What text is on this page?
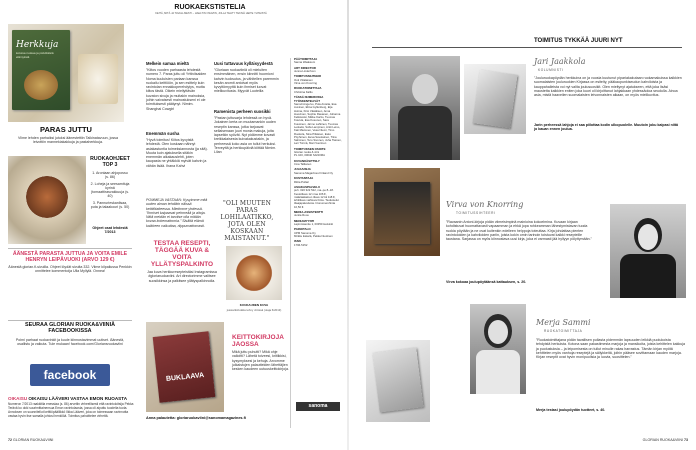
RUOKAEKSTISTELIA
KEITÄ, MITÄ JA TAVALLISESTI – HAHLTIN OSAVIIN, JOLLA TEHTY TEKSIÄ HEITE YHTEISTÄ
Herkkuja
kotoisa ruokaa ja päivittäisiä elämyksiä
PARAS JUTTU
Viime lehden parhaiksi jutuksi äänestettiin Taikinatavuun, jossa leivottiin mannekiakakkuja ja pastaherkkuja.
RUOKAOHJEET TOP 3
1. Aroniaan ahjopossu (s. 86)
2. Loheja ja seesamituja kyrinä (tomaattirasvakkuuja (s. 40)
3. Pannurieskanlisaa, puta ja talaakouri (s. 50)
Ohjeet osat lehdestä 7/2013
ÄÄNESTÄ PARASTA JUTTUA JA VOITA EMILE HENRYN LEIPÄVUOKI (ARVO 129 €)
Äänestä glorian.fi-sivuilla. Ohjeet löydät sivulta 332. Viime kilpailussa Penkkin onnittelee kommentoija Ulla Myllylä. Onnea!
SEURAA GLORIAN RUOKA&VIINIÄ FACEBOOKISSA
Poimi parhaat ruokavinkit ja kuule kiinnostavimmat uutiset. Äänestä, osallistu ja vaikuta. Tule mukaan! facebook.com/Gloriansruokaviini
facebook
OIKAISU OIKAISU LÄÄVERI VASTAA EMON RUOASTA
Numeron 7/2013 raakkitila enessiaa (s. 86) arvetiin virheellisesti että ravintoloitsija Pekka Terävä ko okki suurimittainensua Emon ravintolaosta, jossa oli aiputtu tuodelta tuota. Annoksen on suunnitellut keittiöpäällikkö Ilkka Lääveri, joka on toimessaan ravinnotta vastaa hyvin itse samalla johtosi henkilöä. Toimitus pahoittelee virhettä.
Melkein samaa mieltä
"Kiitos vuoden parhaasta lehdestä numero 7. Paras juttu oli Yrttiviisaiden Noma kuuluisien pariaan kanssa ruokailu keittiöön, ja sen esittely kuin ravintolan ennakkoperehdytys, mutta kiitos tästä. Oikein miellyttävän kuvaton sivuja ja muitakin mainoksia, joihin vaivaisesti mainostukseni ei ole toimituksesti päätynyt. Nimim. Shanghai Cowgirl
Enemmän susha
"Hyvä toimitus! Kiitos kyvyistä lehdestä. Olen koskaan nähnyt asiakastuntia toimeksiannosta (ja sitä). Muuta kuin ajatuksella sitäkin enemmän aikakauslehti, joten kaupasta ne yhtäkkiä myivät kahvin ja vähän lisää. Ihana Kahvi
POMMEJA VASTAAN: Kysyimme mitä uuden alman tehdikin näissä keittiötaiteessa. Mietimme yhdessä. "Ihmiset kaipaavat pehmeää ja aitoja. Niitä meidän ei tarvitse olla mitään kovaa kokemattomia." Sisältä elämä kaikkeen vaikuttaa, riippumattomasti.
Uusi tuttavuus kylläisyydestä
"Gloriaan ruokaviiniä oli mieluiten ensimmäinen, ensin kiinnitti huomioni kahvin tuoksutus, ja vähitellen paremmin kesän aromit antoivat myös kyvyttömyyttä kuin ihmiset luovat mielikuvitusta. Myyvät Luoteilla
Ramenista perheen suosikki
"Pastan juttusarja lehdessä on hyvä. Jokainen kerta on muutamankin uuden reseptin kanssa, jotka tarjoavat sellaisenaan juuri monia makuja, joita lapsetkin syövät. Nyt pidämme kovasti kreikkalaisesta kuivakakustakin, ja perheessä koko asia on tullut herkuksi. Terveyttä ja herkkupäiviä kiittää Nimim. Lilan
"OLI MUUTEN PARAS LOHILAATIKKO, JOTA OLEN KOSKAAN MAISTANUT."
TESTAA RESEPTI, TÄGGÄÄ KUVA & VOITA YLLÄTYSPALKINTO
Jaa kuva herkkuresepteistäsi Instagramissa #gloriaruokaviini. Art directorimme valitsee suosikkinsa ja palkitsee yllätyspalkinnolla.
KUUKAUDEN KUVA
jussiartishokkia tehny viinissä (otaja 6/2013)
BUKLAAVA
KEITTOKIRJOJA JAOSSA
Mikä juttu puhutti? Mikä ohje valloitti? Lähetä toiveesi, kritiikkisi, kysymyksesi ja kehuja. Arvomme julkaistujen palautteiden lähettäjien kesken kaudeen uutuuskeittokirjoja.
Anna palautetta: gloriaruokaviini@sanomamagazines.fi
PÄÄTOIMITTAJA
Sanna Waaksum
ART DIRECTOR
Jenna Linderhom
TOIMITUSSIHTEERI
Outi Viitalainen
Virva von Knorring
RUOKATOIMITTAJA
Christina Kallio
TÄSSÄ NUMEROSSA TYÖSKENTELIVÄT
Samuli Angervo, Pola Arvaita, Esa Auvinen, Elina Gyllenberg, Eija Holma, Kirsi Väätäisen, Anna Huovinen, Sophie Rasanen, Johanna Kellokoski, Mikke Kartio, Tuomas Koivula, Esa Kosonen, Sara Kuusinen, Jarmo Lahtinen, Tuomas Leskelä, Sofia Lampinen, Antti Leino, Kati Mielonen, Vesa Niemi, Timo Ruokola, Nina Pitkänen, Esko Pöyhönen, Eeva Savolainen, Tiina Salminen, Tero Sivonen, Juha Tiainen, Lari Törmä, Mari Vuorinen
TOIMITUKSEN OSOITE
Glorian ruoka & viini
PL 100, 00040 SANOMA
KUVANKÄSITTELY
Irma Tallianen
JULKAISIJA
Sanoma Magazines Finland Oy
KUSTANTAJA
Riitta Pollari
ASIAKASPALVELU
puh. 020 322 522, ma–pe 8–18. Kestotilaus 12 nroa 106 €, määräaikainen tilaus 12 kk 118 €, lehtitilaus vaihtuva hinta. Tiedustelut tilaajapalvelusta. Irtonumerohinta 10,50 €.
MEDIA-ASSISTENTTI
Jenita Roos
MEDIAMYYNTI
Lapinmäentie 1, 00350 Helsinki
PAINOTALO
UPM Sanoma Oy
Mirkku Eskelä, Pekka Nuutinen
ISSN
1796-5152
sanoma
72 GLORIAN RUOKA&VIINI
TOIMITUS TYKKÄÄ JUURI NYT
Jari Jaakkola
KOLUMNISTI
"Jouluruokapöydän herkkuina on ja vuosia kuutunut pipariakakutaan ruokamakuissa kaikkien suomalaisten jouluruokien Kirjassa on esitelty, pääkaupunkiseudun kahviloista ja kauppahalleista voi nyt valita joulusuosikit. Olen mieltynyt ajatukseen, että joka lisäsi maustetta kaikkien eniten joka kuori oli kirjoittanut lahjakkaan yhdessäoloa seudulla. Ainoa asia, mistä haaveilen suomalaisten leivonnaisten aikaan, on myös mielikuvitus.
Jarin perheessä lahjoja ei saa piilottaa kodin ulkopuolelle. Muutoin joku kaipasi niitä jo kauan ennen joulua.
Virva von Knorring
TOIMITUSSIHTEERI
"Ravaanin Antoni-kirjoja pidän viimeisimpinä mainioina kokoelmina. Kuvaan kirjaan kohdistuvat huomattavasti vapaamman ja ehkä jopa rohkeamman lähestymistavan tuoda ruokia pöytään ja ne ovat kuitenkin edelleen helppoja toteuttaa. Kirja johdattaa pienten ravintoloiden ja kahviloiden pariin, joista kokin omin tarinoin toistuvat kaikki resepteille taustana. Sarjassa on myös kiinnostava uusi kirja, joka ei varmasti jää hyllyyn pölyttymään."
Virva kokoaa joulupöytäänsä kattauksen, s. 20.
Merja Sammi
RUOKATOIMITTAJA
"Ruokatoimittajana pidän tavallisen pullasta pidemmän lapsuuden leikkiä puolukoista tehdyistä herkuista. Kotona saan pakastimesta marjoja ja mansikoita, joista kehittelen kakkuja ja puolustuksia – ja leipomisesta on tullut minulle rakas harrastus. Tämän kirjan myötä kehittelen myös vanhoja reseptejä ja säilykkeitä, joihin pääsee sovittamaan kauden marjoja. Kirjan reseptit ovat hyvin monipuolisia ja luovia, suosittelen."
Merja testasi joulupöydän tuotteet, s. 40.
GLORIAN RUOKA&VIINI 73
